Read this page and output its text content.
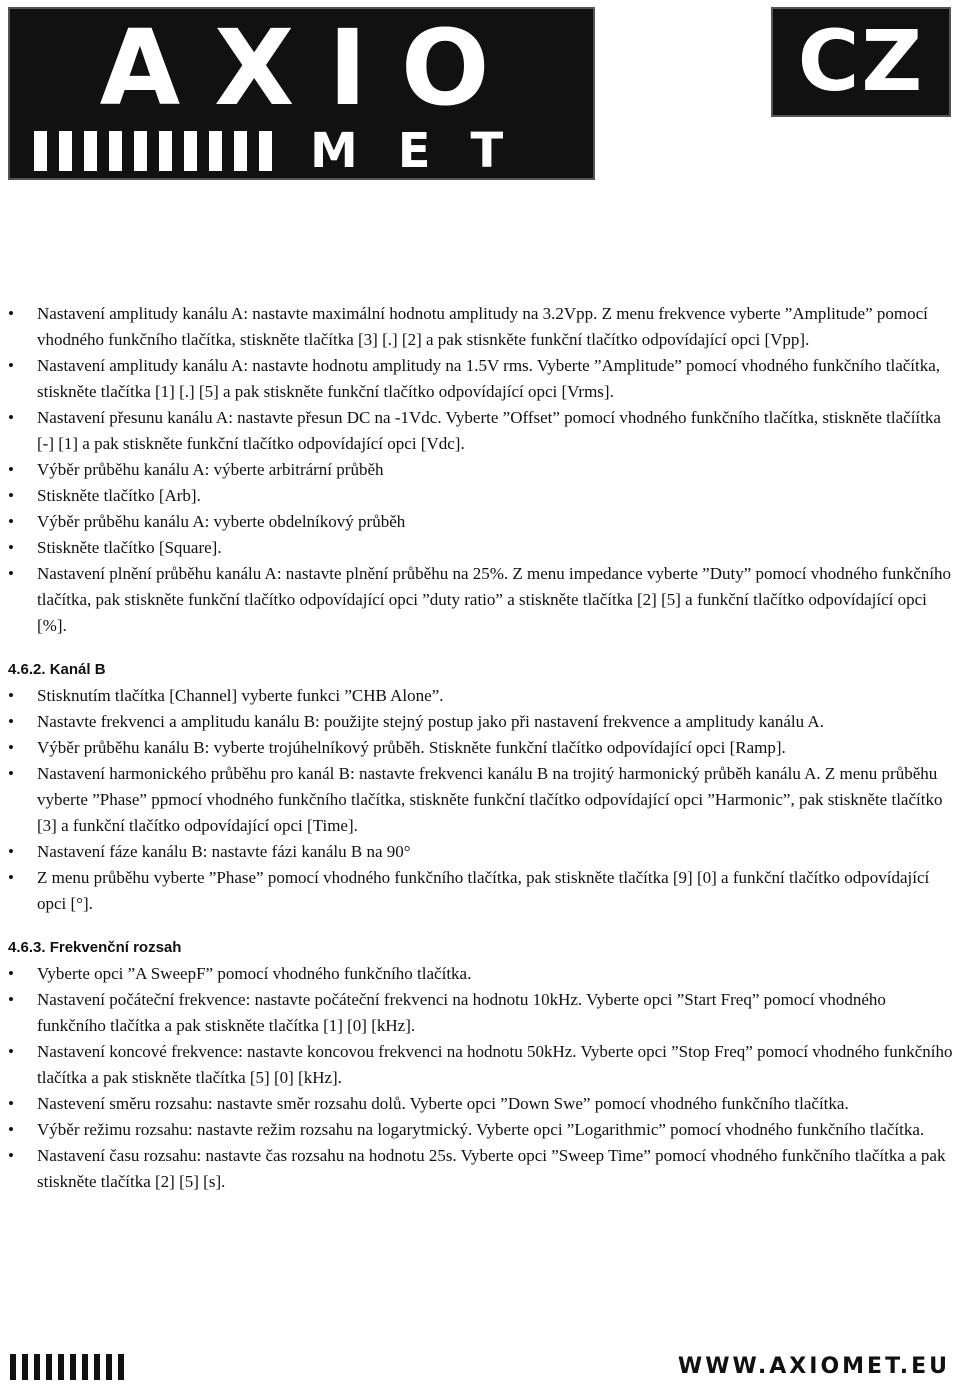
AXIO
MET
CZ
• Nastavení amplitudy kanálu A: nastavte maximální hodnotu amplitudy na 3.2Vpp. Z menu frekvence vyberte ”Amplitude” pomocí vhodného funkčního tlačítka, stiskněte tlačítka [3] [.] [2] a pak stisnkěte funkční tlačítko odpovídající opci [Vpp].
• Nastavení amplitudy kanálu A: nastavte hodnotu amplitudy na 1.5V rms. Vyberte ”Amplitude” pomocí vhodného funkčního tlačítka, stiskněte tlačítka [1] [.] [5] a pak stiskněte funkční tlačítko odpovídající opci [Vrms].
• Nastavení přesunu kanálu A: nastavte přesun DC na -1Vdc. Vyberte ”Offset” pomocí vhodného funkčního tlačítka, stiskněte tlačíítka [-] [1] a pak stiskněte funkční tlačítko odpovídající opci [Vdc].
• Výběr průběhu kanálu A: výberte arbitrární průběh
• Stiskněte tlačítko [Arb].
• Výběr průběhu kanálu A: vyberte obdelníkový průběh
• Stiskněte tlačítko [Square].
• Nastavení plnění průběhu kanálu A: nastavte plnění průběhu na 25%. Z menu impedance vyberte ”Duty” pomocí vhodného funkčního tlačítka, pak stiskněte funkční tlačítko odpovídající opci ”duty ratio” a stiskněte tlačítka [2] [5] a funkční tlačítko odpovídající opci [%].
4.6.2. Kanál B
• Stisknutím tlačítka [Channel] vyberte funkci ”CHB Alone”.
• Nastavte frekvenci a amplitudu kanálu B: použijte stejný postup jako při nastavení frekvence a amplitudy kanálu A.
• Výběr průběhu kanálu B: vyberte trojúhelníkový průběh. Stiskněte funkční tlačítko odpovídající opci [Ramp].
• Nastavení harmonického průběhu pro kanál B: nastavte frekvenci kanálu B na trojitý harmonický průběh kanálu A. Z menu průběhu vyberte ”Phase” ppmocí vhodného funkčního tlačítka, stiskněte funkční tlačítko odpovídající opci ”Harmonic”, pak stiskněte tlačítko [3] a funkční tlačítko odpovídající opci [Time].
• Nastavení fáze kanálu B: nastavte fázi kanálu B na 90°
• Z menu průběhu vyberte ”Phase” pomocí vhodného funkčního tlačítka, pak stiskněte tlačítka [9] [0] a funkční tlačítko odpovídající opci [°].
4.6.3. Frekvenční rozsah
• Vyberte opci ”A SweepF” pomocí vhodného funkčního tlačítka.
• Nastavení počáteční frekvence: nastavte počáteční frekvenci na hodnotu 10kHz. Vyberte opci ”Start Freq” pomocí vhodného funkčního tlačítka a pak stiskněte tlačítka [1] [0] [kHz].
• Nastavení koncové frekvence: nastavte koncovou frekvenci na hodnotu 50kHz. Vyberte opci ”Stop Freq” pomocí vhodného funkčního tlačítka a pak stiskněte tlačítka [5] [0] [kHz].
• Nastevení směru rozsahu: nastavte směr rozsahu dolů. Vyberte opci ”Down Swe” pomocí vhodného funkčního tlačítka.
• Výběr režimu rozsahu: nastavte režim rozsahu na logarytmický. Vyberte opci ”Logarithmic” pomocí vhodného funkčního tlačítka.
• Nastavení času rozsahu: nastavte čas rozsahu na hodnotu 25s. Vyberte opci ”Sweep Time” pomocí vhodného funkčního tlačítka a pak stiskněte tlačítka [2] [5] [s].
WWW.AXIOMET.EU
